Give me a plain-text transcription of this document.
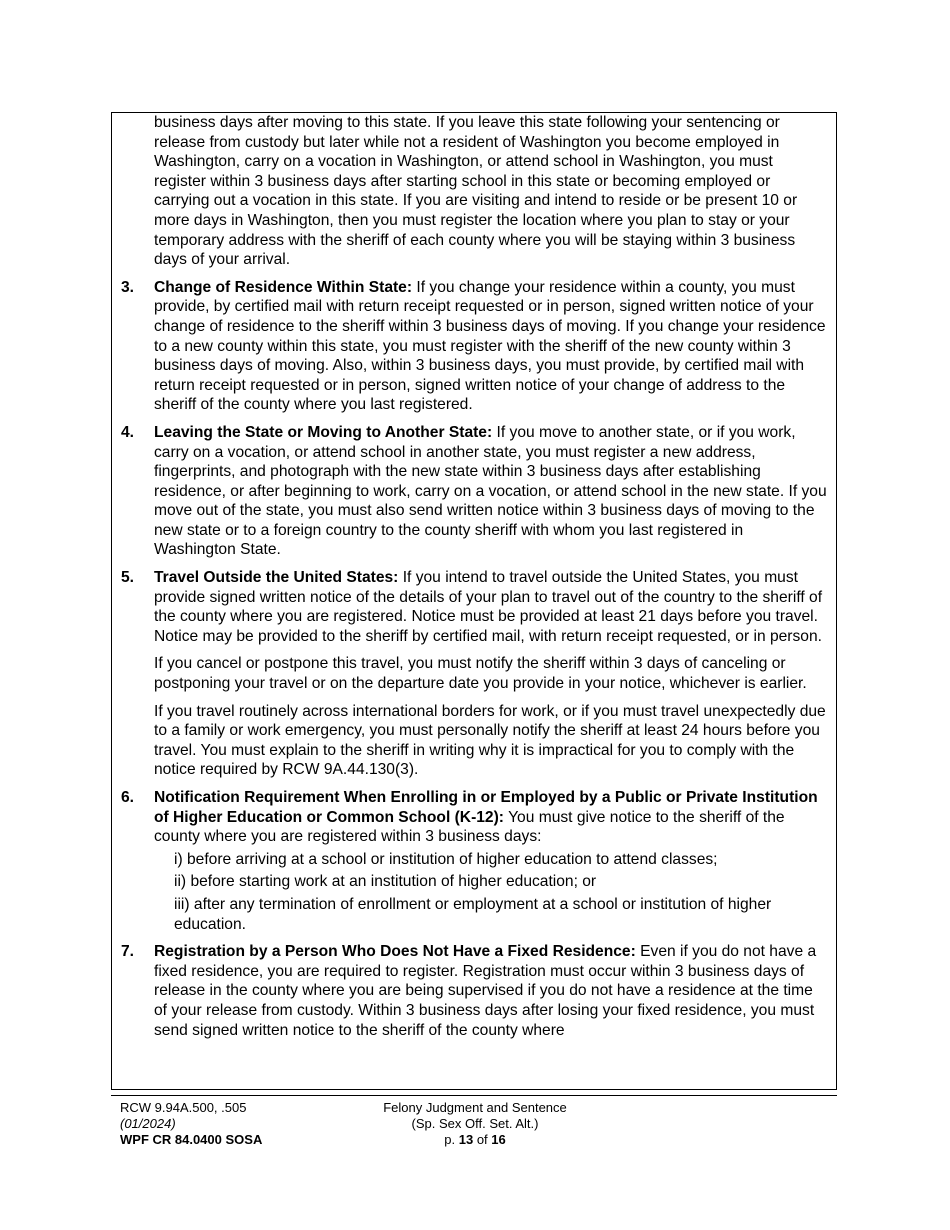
business days after moving to this state. If you leave this state following your sentencing or release from custody but later while not a resident of Washington you become employed in Washington, carry on a vocation in Washington, or attend school in Washington, you must register within 3 business days after starting school in this state or becoming employed or carrying out a vocation in this state. If you are visiting and intend to reside or be present 10 or more days in Washington, then you must register the location where you plan to stay or your temporary address with the sheriff of each county where you will be staying within 3 business days of your arrival.

3. Change of Residence Within State: If you change your residence within a county, you must provide, by certified mail with return receipt requested or in person, signed written notice of your change of residence to the sheriff within 3 business days of moving. If you change your residence to a new county within this state, you must register with the sheriff of the new county within 3 business days of moving. Also, within 3 business days, you must provide, by certified mail with return receipt requested or in person, signed written notice of your change of address to the sheriff of the county where you last registered.
4. Leaving the State or Moving to Another State: If you move to another state, or if you work, carry on a vocation, or attend school in another state, you must register a new address, fingerprints, and photograph with the new state within 3 business days after establishing residence, or after beginning to work, carry on a vocation, or attend school in the new state. If you move out of the state, you must also send written notice within 3 business days of moving to the new state or to a foreign country to the county sheriff with whom you last registered in Washington State.
5. Travel Outside the United States: If you intend to travel outside the United States, you must provide signed written notice of the details of your plan to travel out of the country to the sheriff of the county where you are registered. Notice must be provided at least 21 days before you travel. Notice may be provided to the sheriff by certified mail, with return receipt requested, or in person.

If you cancel or postpone this travel, you must notify the sheriff within 3 days of canceling or postponing your travel or on the departure date you provide in your notice, whichever is earlier.

If you travel routinely across international borders for work, or if you must travel unexpectedly due to a family or work emergency, you must personally notify the sheriff at least 24 hours before you travel. You must explain to the sheriff in writing why it is impractical for you to comply with the notice required by RCW 9A.44.130(3).

6. Notification Requirement When Enrolling in or Employed by a Public or Private Institution of Higher Education or Common School (K-12): You must give notice to the sheriff of the county where you are registered within 3 business days:

i) before arriving at a school or institution of higher education to attend classes;

ii) before starting work at an institution of higher education; or

iii) after any termination of enrollment or employment at a school or institution of higher education.

7. Registration by a Person Who Does Not Have a Fixed Residence: Even if you do not have a fixed residence, you are required to register. Registration must occur within 3 business days of release in the county where you are being supervised if you do not have a residence at the time of your release from custody. Within 3 business days after losing your fixed residence, you must send signed written notice to the sheriff of the county where
RCW 9.94A.500, .505
(01/2024)
WPF CR 84.0400 SOSA
Felony Judgment and Sentence
(Sp. Sex Off. Set. Alt.)
p. 13 of 16
